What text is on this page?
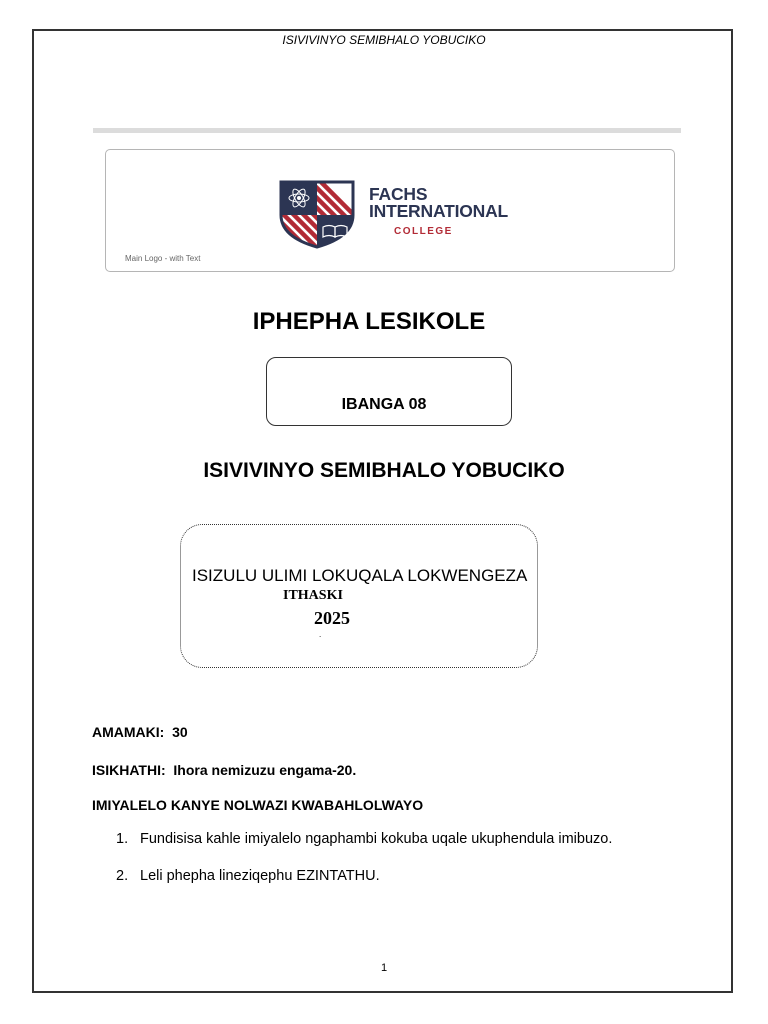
ISIVIVINYO SEMIBHALO YOBUCIKO
FACHS
INTERNATIONAL
COLLEGE
Main Logo - with Text
IPHEPHA LESIKOLE
IBANGA 08
ISIVIVINYO SEMIBHALO YOBUCIKO
ISIZULU ULIMI LOKUQALA LOKWENGEZA
ITHASKI
2025
.
AMAMAKI: 30
ISIKHATHI: Ihora nemizuzu engama-20.
IMIYALELO KANYE NOLWAZI KWABAHLOLWAYO
1. Fundisisa kahle imiyalelo ngaphambi kokuba uqale ukuphendula imibuzo.
2. Leli phepha lineziqephu EZINTATHU.
1
